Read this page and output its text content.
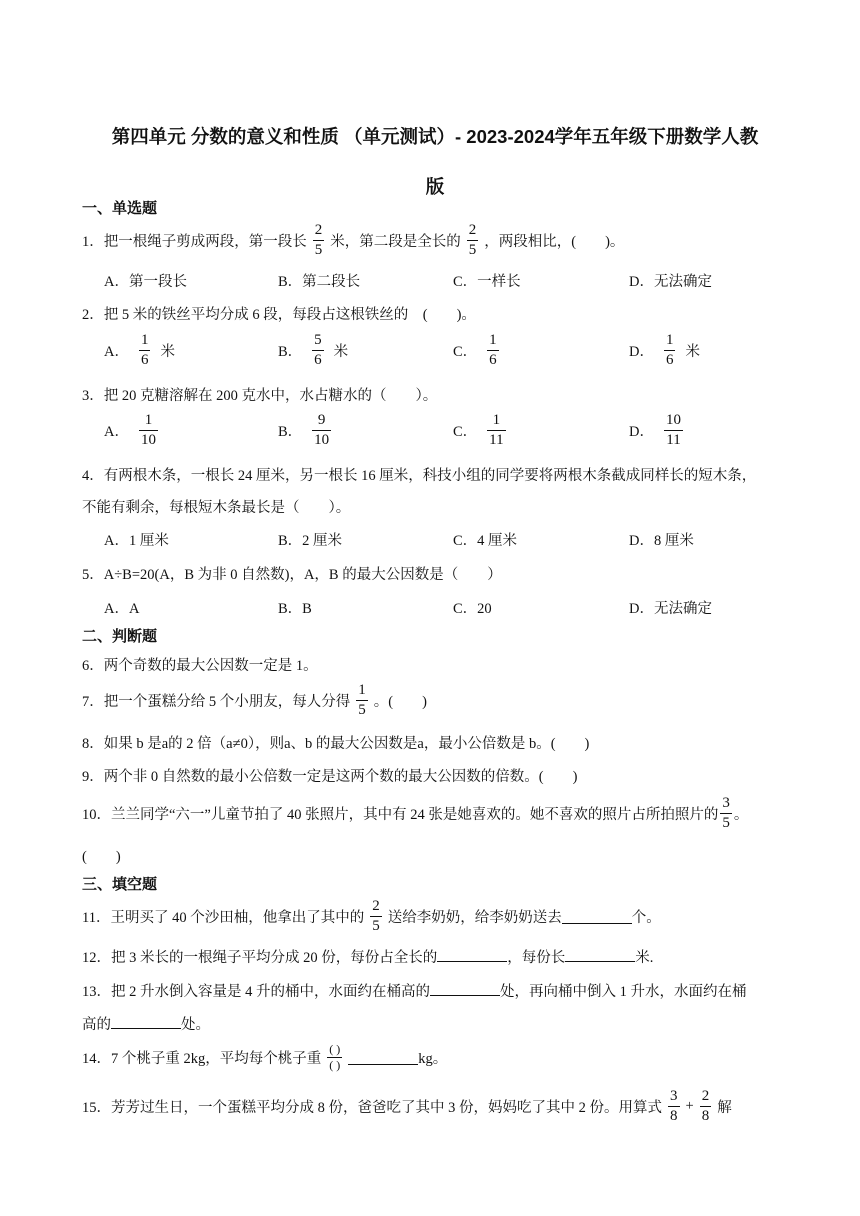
第四单元 分数的意义和性质 （单元测试）- 2023-2024学年五年级下册数学人教
版
一、单选题
1．把一根绳子剪成两段，第一段长 $\frac{2}{5}$ 米，第二段是全长的 $\frac{2}{5}$ ，两段相比，(　　)。
A．第一段长	B．第二段长	C．一样长	D．无法确定
2．把 5 米的铁丝平均分成 6 段，每段占这根铁丝的　(　　)。
A． $\frac{1}{6}$ 米	B． $\frac{5}{6}$ 米	C． $\frac{1}{6}$	D． $\frac{1}{6}$ 米
3．把 20 克糖溶解在 200 克水中，水占糖水的（　　）。
A． $\frac{1}{10}$	B． $\frac{9}{10}$	C． $\frac{1}{11}$	D． $\frac{10}{11}$
4．有两根木条，一根长 24 厘米，另一根长 16 厘米，科技小组的同学要将两根木条截成同样长的短木条，
不能有剩余，每根短木条最长是（　　）。
A．1 厘米	B．2 厘米	C．4 厘米	D．8 厘米
5．A÷B=20(A，B 为非 0 自然数)，A，B 的最大公因数是（　　）
A．A	B．B	C．20	D．无法确定
二、判断题
6．两个奇数的最大公因数一定是 1。
7．把一个蛋糕分给 5 个小朋友，每人分得 $\frac{1}{5}$ 。(　　)
8．如果 b 是a的 2 倍（a≠0），则a、b 的最大公因数是a，最小公倍数是 b。(　　)
9．两个非 0 自然数的最小公倍数一定是这两个数的最大公因数的倍数。(　　)
10．兰兰同学“六一”儿童节拍了 40 张照片，其中有 24 张是她喜欢的。她不喜欢的照片占所拍照片的 $\frac{3}{5}$ 。
(　　)
三、填空题
11．王明买了 40 个沙田柚，他拿出了其中的 $\frac{2}{5}$ 送给李奶奶，给李奶奶送去	个。
12．把 3 米长的一根绳子平均分成 20 份，每份占全长的	，每份长	米.
13．把 2 升水倒入容量是 4 升的桶中，水面约在桶高的	处，再向桶中倒入 1 升水，水面约在桶
高的	处。
14．7 个桃子重 2kg，平均每个桃子重 $\frac{( )}{( )}$	kg。
15．芳芳过生日，一个蛋糕平均分成 8 份，爸爸吃了其中 3 份，妈妈吃了其中 2 份。用算式 $\frac{3}{8} + \frac{2}{8}$ 解
